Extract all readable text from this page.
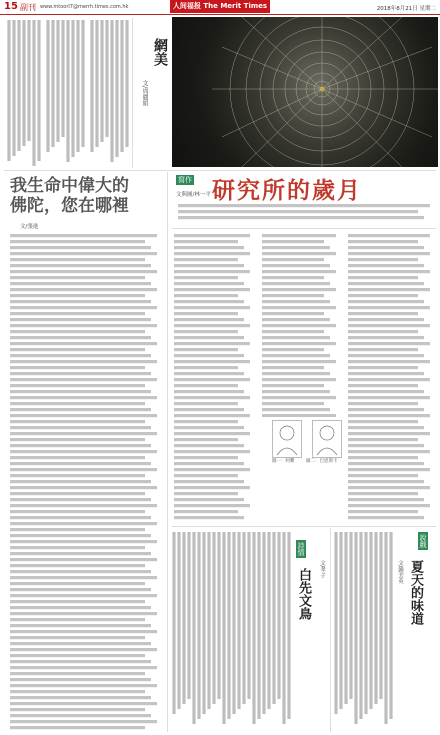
15 副刊 www.mtoorl7@merrh.times.com.hk	人间福报 The Merit Times	2018年8月21日 星期二
網美
文/周麗娟
我生命中偉大的
佛陀，您在哪裡
文/張進
寫作 研究所的歲月
文與圖/林一平
圖一：阿難	圖二：巴恩斯卡
詩情
白先文鳥	文/孝子
說戲
夏天的味道
文/鍾芳英
